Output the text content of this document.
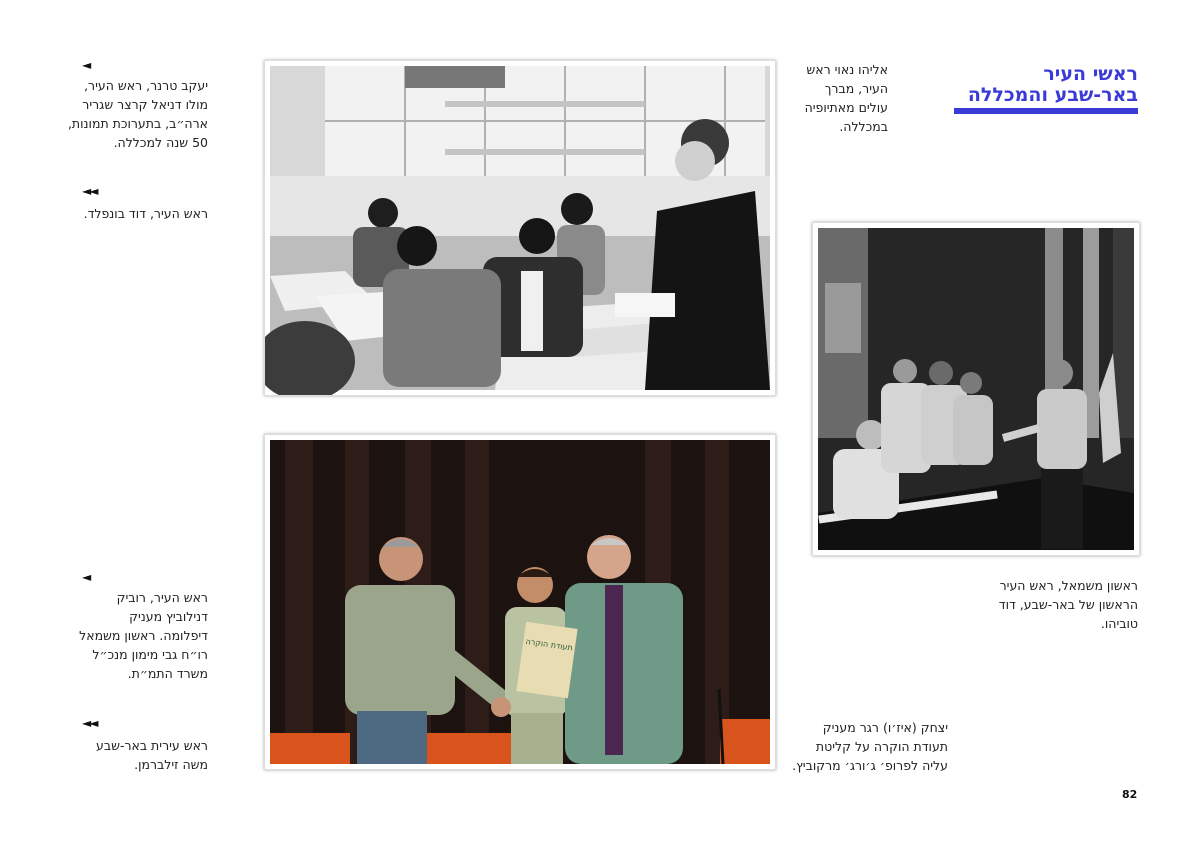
ראשי העיר
באר-שבע והמכללה
◄
יעקב טרנר, ראש העיר,
מולו דניאל קרצר שגריר
ארה״ב, בתערוכת תמונות,
50 שנה למכללה.
◄◄
ראש העיר, דוד בונפלד.
◄
ראש העיר, רוביק
דנילוביץ מעניק
דיפלומה. ראשון משמאל
רו״ח גבי מימון מנכ״ל
משרד התמ״ת.
◄◄
ראש עירית באר-שבע
משה זילברמן.
אליהו נאוי ראש
העיר, מברך
עולים מאתיופיה
במכללה.
ראשון משמאל, ראש העיר
הראשון של באר-שבע, דוד
טוביהו.
יצחק (איז׳ו) רגר מעניק
תעודת הוקרה על קליטת
עליה לפרופ׳ ג׳ורג׳ מרקוביץ.
תעודת הוקרה
82
